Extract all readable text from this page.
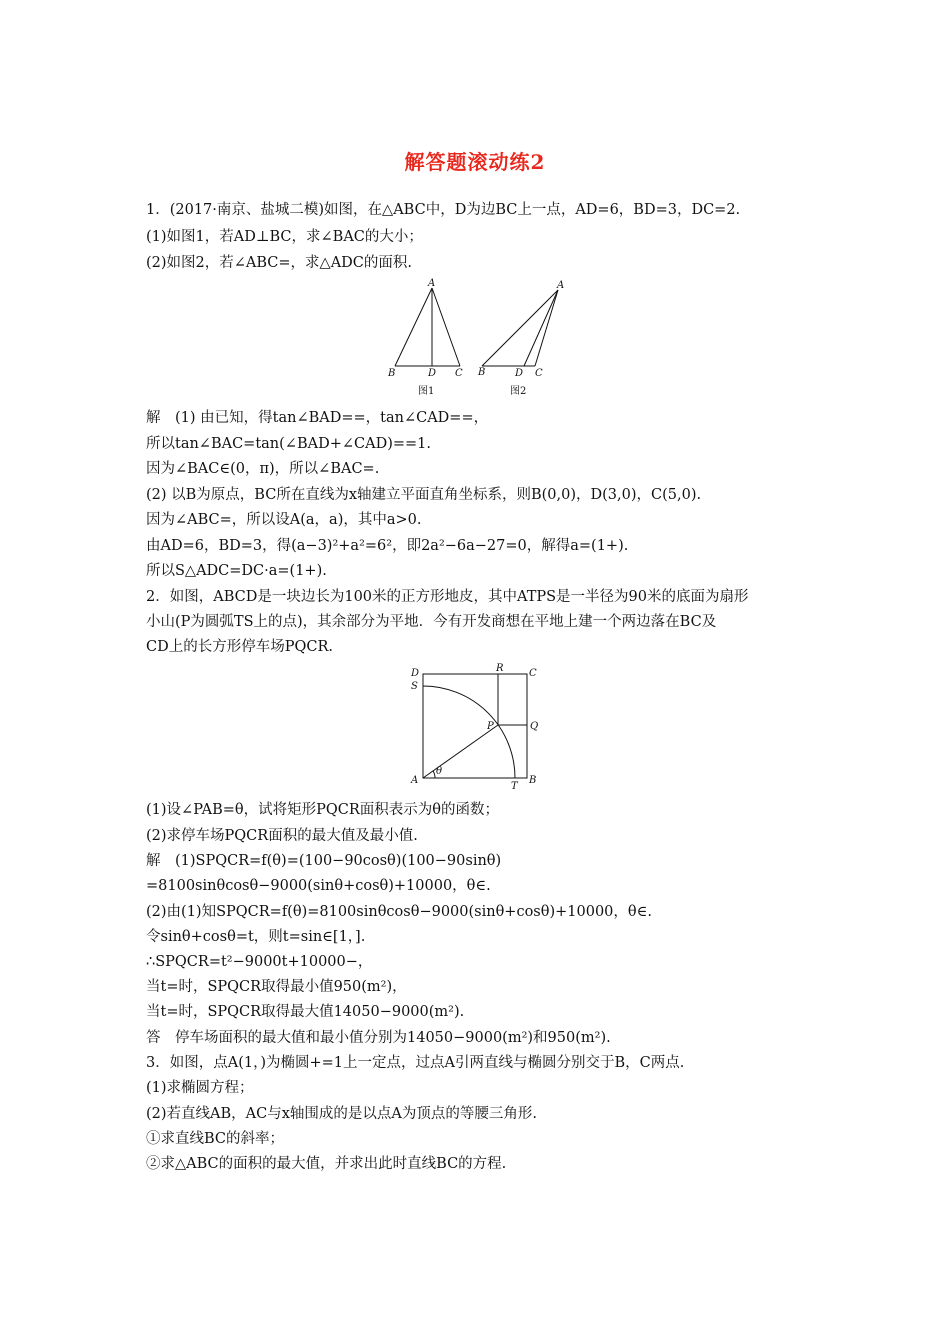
解答题滚动练2
1．(2017·南京、盐城二模)如图，在△ABC中，D为边BC上一点，AD=6，BD=3，DC=2.
(1)如图1，若AD⊥BC，求∠BAC的大小；
(2)如图2，若∠ABC=，求△ADC的面积.
解　(1) 由已知，得tan∠BAD==，tan∠CAD==，
所以tan∠BAC=tan(∠BAD+∠CAD)==1.
因为∠BAC∈(0，π)，所以∠BAC=.
(2) 以B为原点，BC所在直线为x轴建立平面直角坐标系，则B(0,0)，D(3,0)，C(5,0).
因为∠ABC=，所以设A(a，a)，其中a>0.
由AD=6，BD=3，得(a−3)²+a²=6²，即2a²−6a−27=0，解得a=(1+).
所以S△ADC=DC·a=(1+).
2．如图，ABCD是一块边长为100米的正方形地皮，其中ATPS是一半径为90米的底面为扇形
小山(P为圆弧TS上的点)，其余部分为平地．今有开发商想在平地上建一个两边落在BC及
CD上的长方形停车场PQCR.
(1)设∠PAB=θ，试将矩形PQCR面积表示为θ的函数；
(2)求停车场PQCR面积的最大值及最小值.
解　(1)SPQCR=f(θ)=(100−90cosθ)(100−90sinθ)
=8100sinθcosθ−9000(sinθ+cosθ)+10000，θ∈.
(2)由(1)知SPQCR=f(θ)=8100sinθcosθ−9000(sinθ+cosθ)+10000，θ∈.
令sinθ+cosθ=t，则t=sin∈[1，].
∴SPQCR=t²−9000t+10000−，
当t=时，SPQCR取得最小值950(m²)，
当t=时，SPQCR取得最大值14050−9000(m²).
答　停车场面积的最大值和最小值分别为14050−9000(m²)和950(m²).
3．如图，点A(1，)为椭圆+=1上一定点，过点A引两直线与椭圆分别交于B，C两点.
(1)求椭圆方程；
(2)若直线AB，AC与x轴围成的是以点A为顶点的等腰三角形.
①求直线BC的斜率；
②求△ABC的面积的最大值，并求出此时直线BC的方程.
A
B	D C
A
B	D C
图1	图2
D	R	C
S
P	Q
A
θ
T
B
